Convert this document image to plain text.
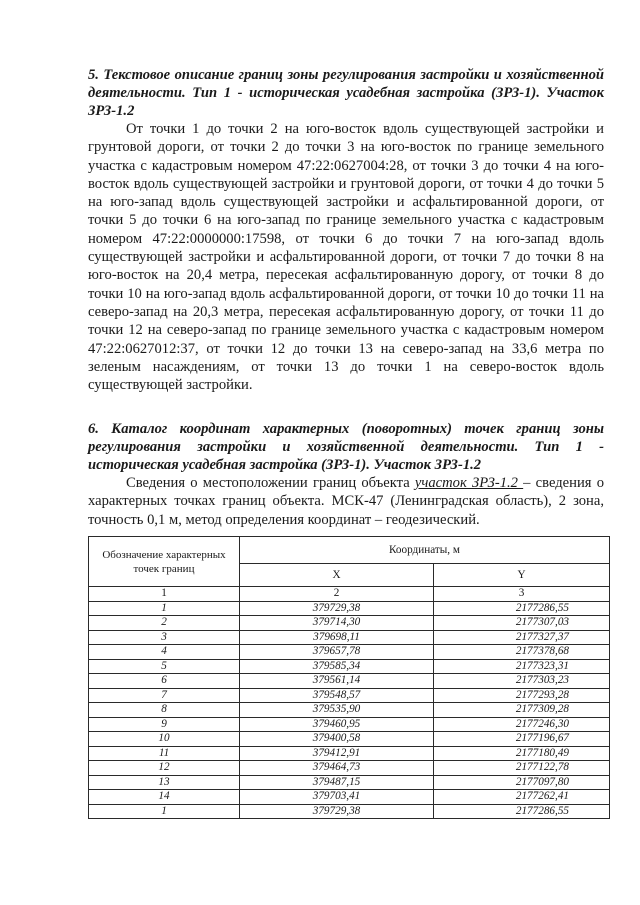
5. Текстовое описание границ зоны регулирования застройки и хозяйственной деятельности. Тип 1 - историческая усадебная застройка (ЗРЗ-1). Участок ЗРЗ-1.2
От точки 1 до точки 2 на юго-восток вдоль существующей застройки и грунтовой дороги, от точки 2 до точки 3 на юго-восток по границе земельного участка с кадастровым номером 47:22:0627004:28, от точки 3 до точки 4 на юго-восток вдоль существующей застройки и грунтовой дороги, от точки 4 до точки 5 на юго-запад вдоль существующей застройки и асфальтированной дороги, от точки 5 до точки 6 на юго-запад по границе земельного участка с кадастровым номером 47:22:0000000:17598, от точки 6 до точки 7 на юго-запад вдоль существующей застройки и асфальтированной дороги, от точки 7 до точки 8 на юго-восток на 20,4 метра, пересекая асфальтированную дорогу, от точки 8 до точки 10 на юго-запад вдоль асфальтированной дороги, от точки 10 до точки 11 на северо-запад на 20,3 метра, пересекая асфальтированную дорогу, от точки 11 до точки 12 на северо-запад по границе земельного участка с кадастровым номером 47:22:0627012:37, от точки 12 до точки 13 на северо-запад на 33,6 метра по зеленым насаждениям, от точки 13 до точки 1 на северо-восток вдоль существующей застройки.
6. Каталог координат характерных (поворотных) точек границ зоны регулирования застройки и хозяйственной деятельности. Тип 1 - историческая усадебная застройка (ЗРЗ-1). Участок ЗРЗ-1.2
Сведения о местоположении границ объекта участок ЗРЗ-1.2 – сведения о характерных точках границ объекта. МСК-47 (Ленинградская область), 2 зона, точность 0,1 м, метод определения координат – геодезический.
Обозначение характерных точек границ	Координаты, м	
	X	Y
1	2	3
1	379729,38	2177286,55
2	379714,30	2177307,03
3	379698,11	2177327,37
4	379657,78	2177378,68
5	379585,34	2177323,31
6	379561,14	2177303,23
7	379548,57	2177293,28
8	379535,90	2177309,28
9	379460,95	2177246,30
10	379400,58	2177196,67
11	379412,91	2177180,49
12	379464,73	2177122,78
13	379487,15	2177097,80
14	379703,41	2177262,41
1	379729,38	2177286,55
